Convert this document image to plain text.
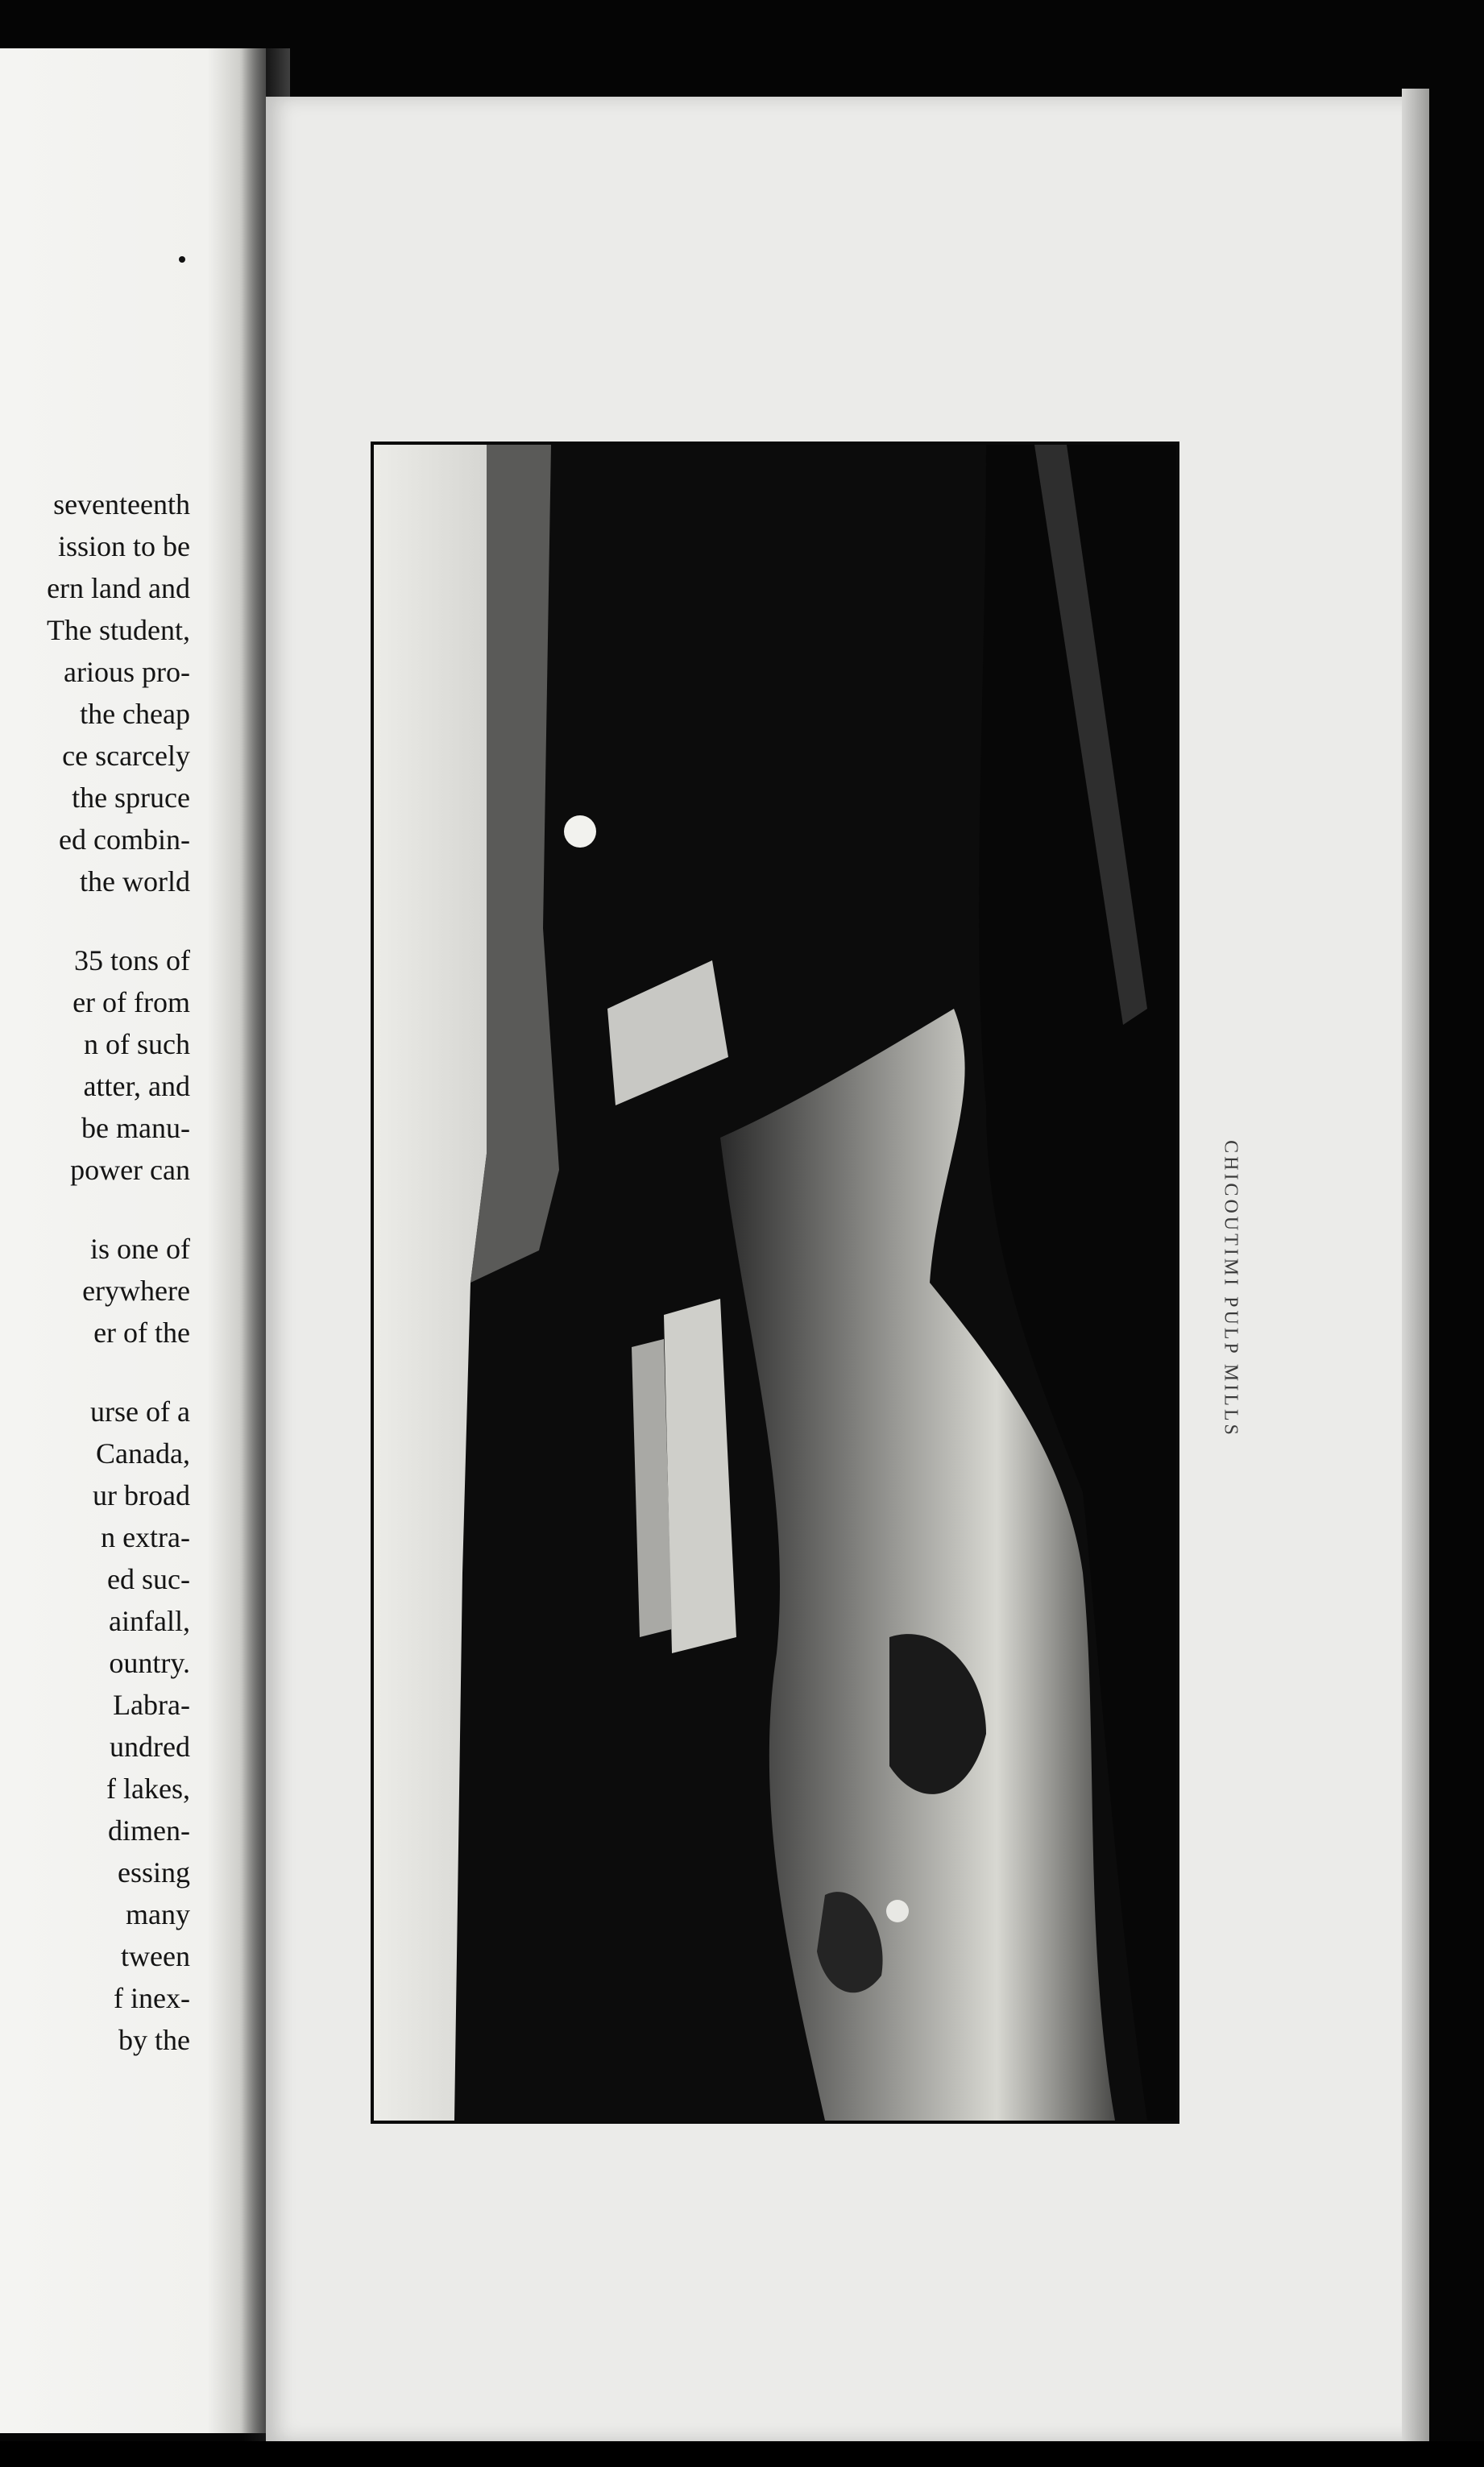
seventeenth
ission to be
ern land and
The student,
arious pro-
the cheap
ce scarcely
the spruce
ed combin-
the world

35 tons of
er of from
n of such
atter, and
be manu-
power can

is one of
erywhere
er of the

urse of a
Canada,
ur broad
n extra-
ed suc-
ainfall,
ountry.
Labra-
undred
f lakes,
dimen-
essing
many
tween
f inex-
by the

CHICOUTIMI PULP MILLS
